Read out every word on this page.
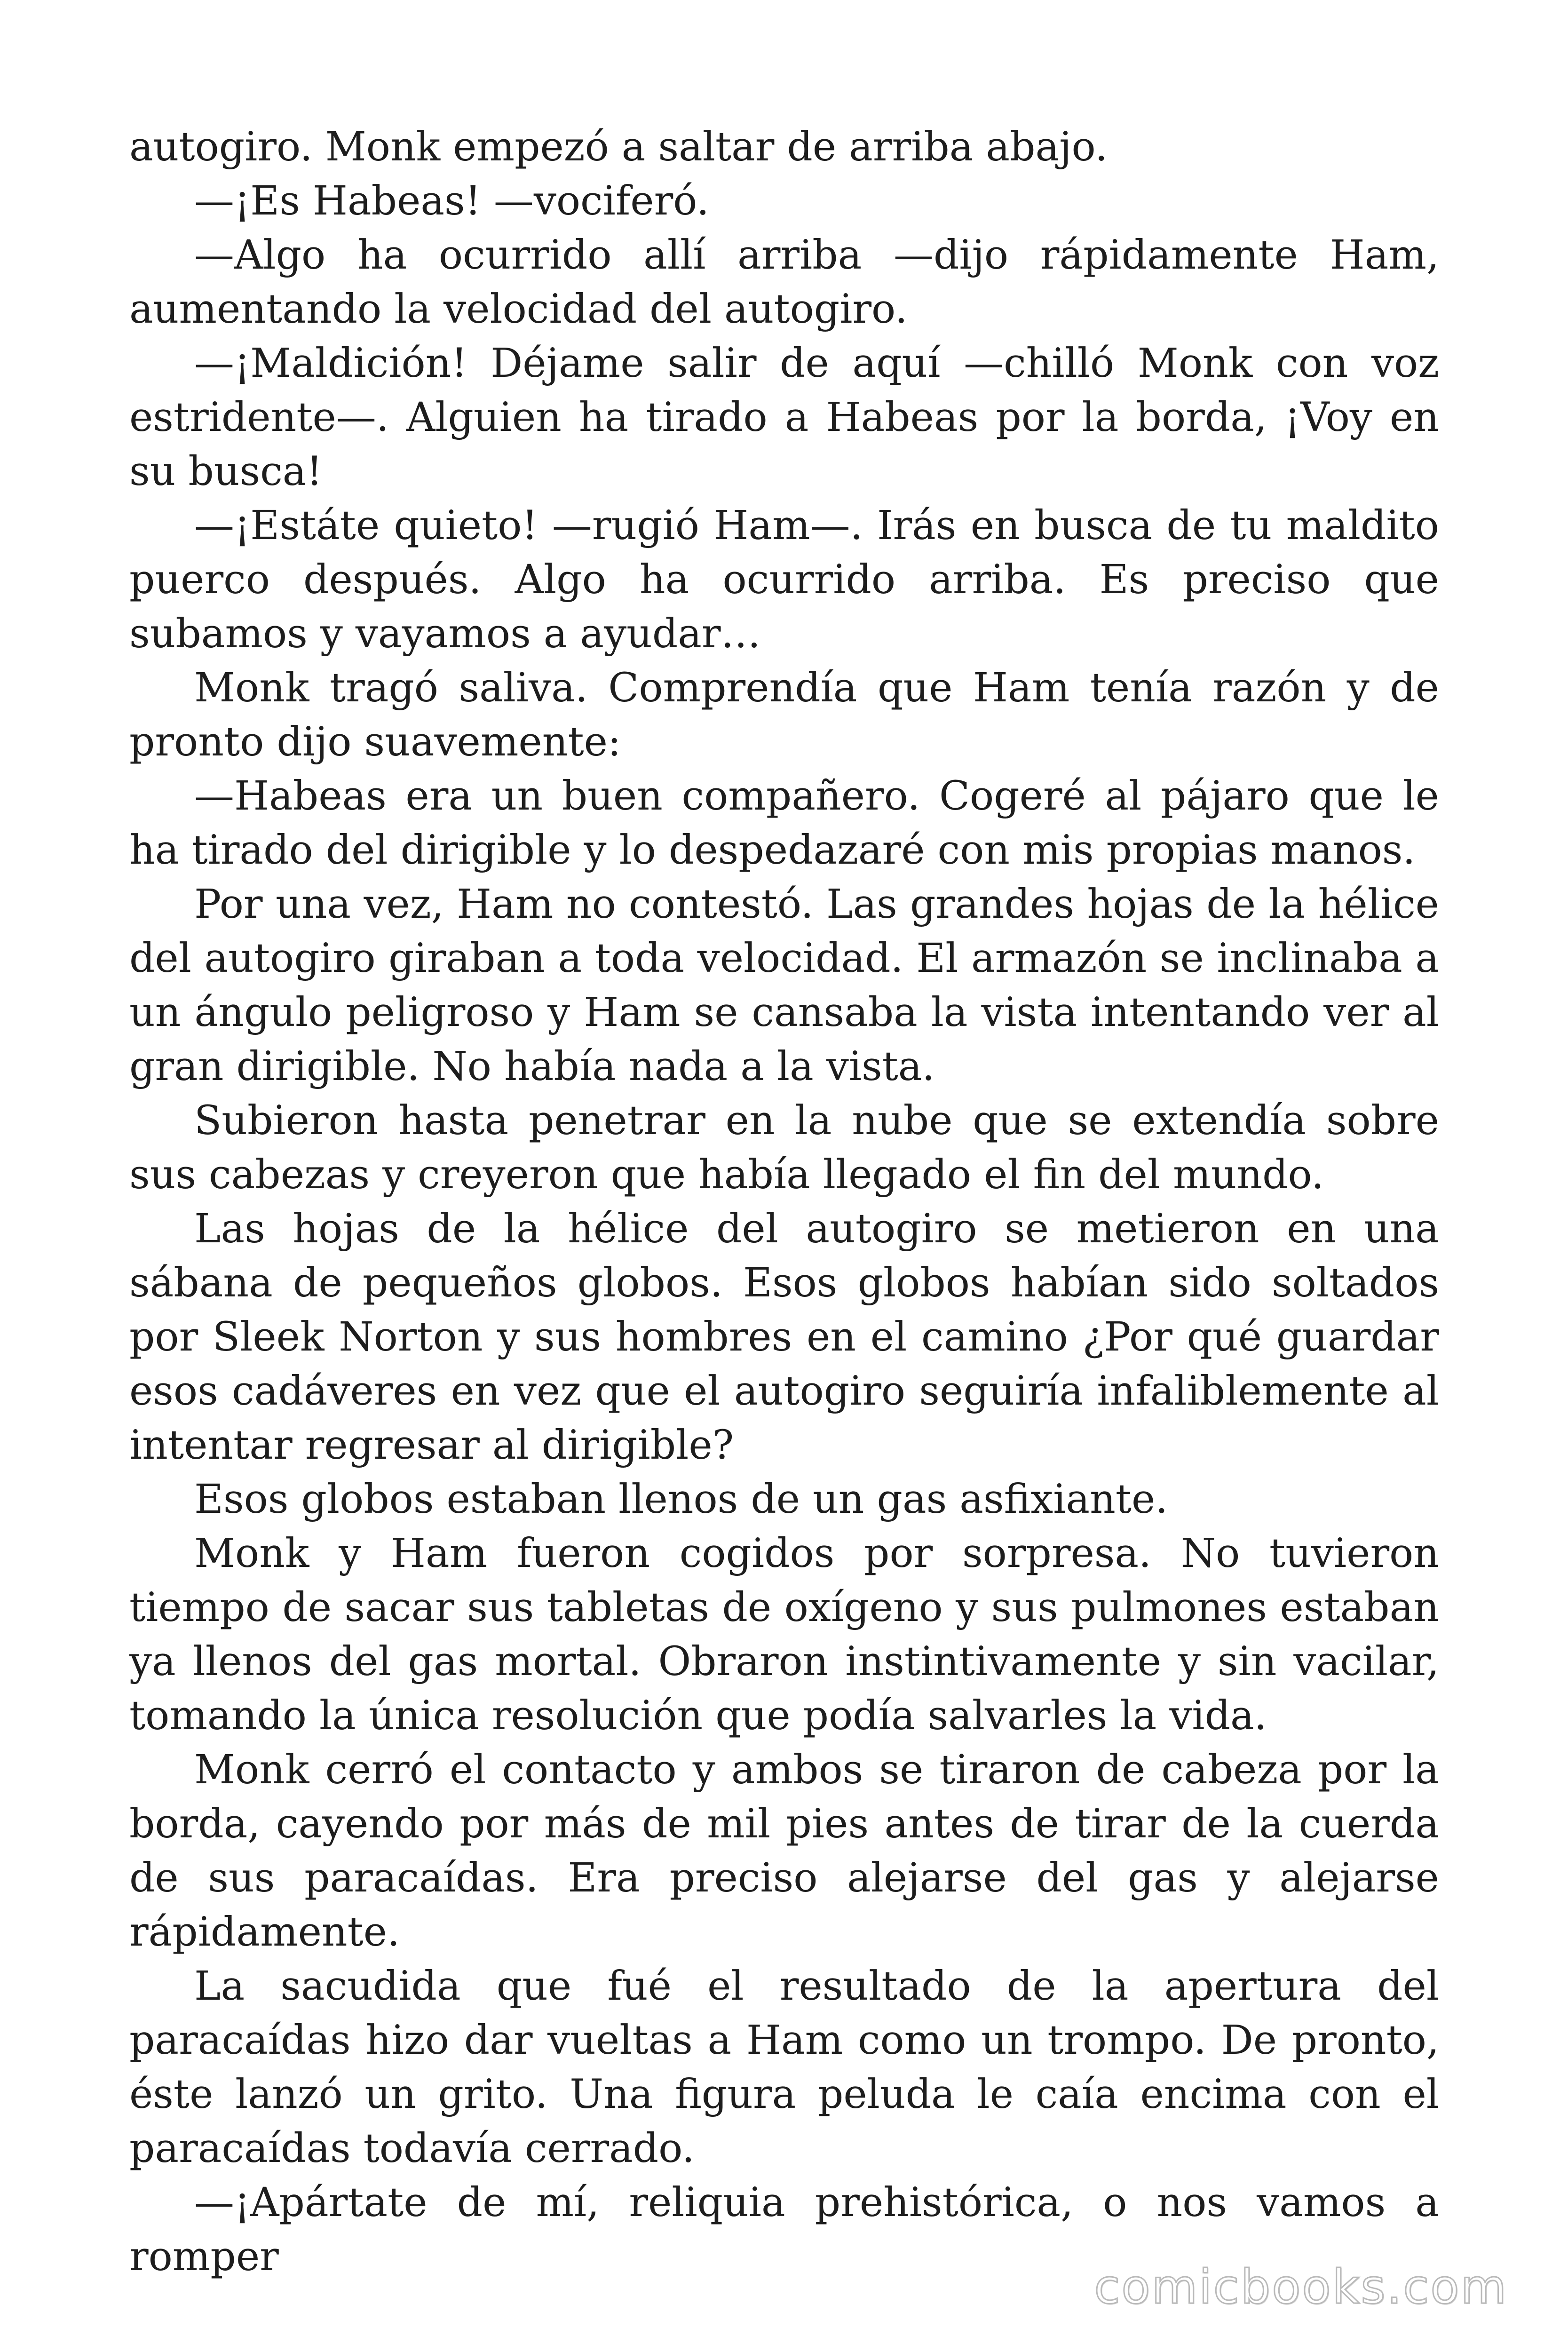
autogiro. Monk empezó a saltar de arriba abajo.

—¡Es Habeas! —vociferó.

—Algo ha ocurrido allí arriba —dijo rápidamente Ham, aumentando la velocidad del autogiro.

—¡Maldición! Déjame salir de aquí —chilló Monk con voz estridente—. Alguien ha tirado a Habeas por la borda, ¡Voy en su busca!

—¡Estáte quieto! —rugió Ham—. Irás en busca de tu maldito puerco después. Algo ha ocurrido arriba. Es preciso que subamos y vayamos a ayudar…

Monk tragó saliva. Comprendía que Ham tenía razón y de pronto dijo suavemente:

—Habeas era un buen compañero. Cogeré al pájaro que le ha tirado del dirigible y lo despedazaré con mis propias manos.

Por una vez, Ham no contestó. Las grandes hojas de la hélice del autogiro giraban a toda velocidad. El armazón se inclinaba a un ángulo peligroso y Ham se cansaba la vista intentando ver al gran dirigible. No había nada a la vista.

Subieron hasta penetrar en la nube que se extendía sobre sus cabezas y creyeron que había llegado el fin del mundo.

Las hojas de la hélice del autogiro se metieron en una sábana de pequeños globos. Esos globos habían sido soltados por Sleek Norton y sus hombres en el camino ¿Por qué guardar esos cadáveres en vez que el autogiro seguiría infaliblemente al intentar regresar al dirigible?

Esos globos estaban llenos de un gas asfixiante.

Monk y Ham fueron cogidos por sorpresa. No tuvieron tiempo de sacar sus tabletas de oxígeno y sus pulmones estaban ya llenos del gas mortal. Obraron instintivamente y sin vacilar, tomando la única resolución que podía salvarles la vida.

Monk cerró el contacto y ambos se tiraron de cabeza por la borda, cayendo por más de mil pies antes de tirar de la cuerda de sus paracaídas. Era preciso alejarse del gas y alejarse rápidamente.

La sacudida que fué el resultado de la apertura del paracaídas hizo dar vueltas a Ham como un trompo. De pronto, éste lanzó un grito. Una figura peluda le caía encima con el paracaídas todavía cerrado.

—¡Apártate de mí, reliquia prehistórica, o nos vamos a romper

comicbooks.com
